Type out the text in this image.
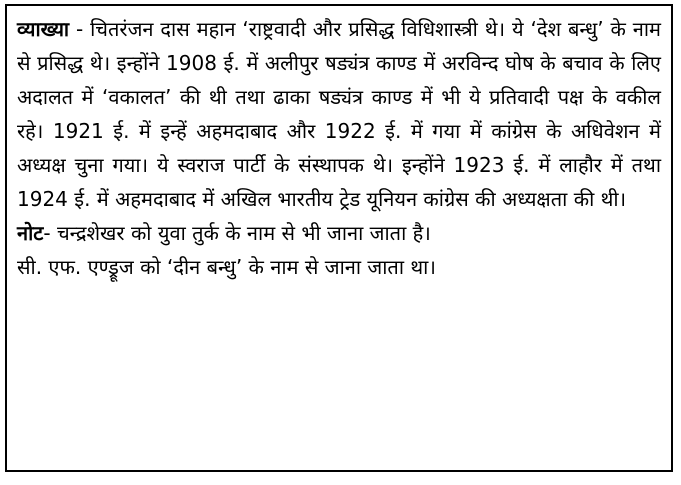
व्याख्या - चितरंजन दास महान ‘राष्ट्रवादी और प्रसिद्ध विधिशास्त्री थे। ये ‘देश बन्धु’ के नाम से प्रसिद्ध थे। इन्होंने 1908 ई. में अलीपुर षड्यंत्र काण्ड में अरविन्द घोष के बचाव के लिए अदालत में ‘वकालत’ की थी तथा ढाका षड्यंत्र काण्ड में भी ये प्रतिवादी पक्ष के वकील रहे। 1921 ई. में इन्हें अहमदाबाद और 1922 ई. में गया में कांग्रेस के अधिवेशन में अध्यक्ष चुना गया। ये स्वराज पार्टी के संस्थापक थे। इन्होंने 1923 ई. में लाहौर में तथा 1924 ई. में अहमदाबाद में अखिल भारतीय ट्रेड यूनियन कांग्रेस की अध्यक्षता की थी।

नोट- चन्द्रशेखर को युवा तुर्क के नाम से भी जाना जाता है।

सी. एफ. एण्ड्रूज को ‘दीन बन्धु’ के नाम से जाना जाता था।
